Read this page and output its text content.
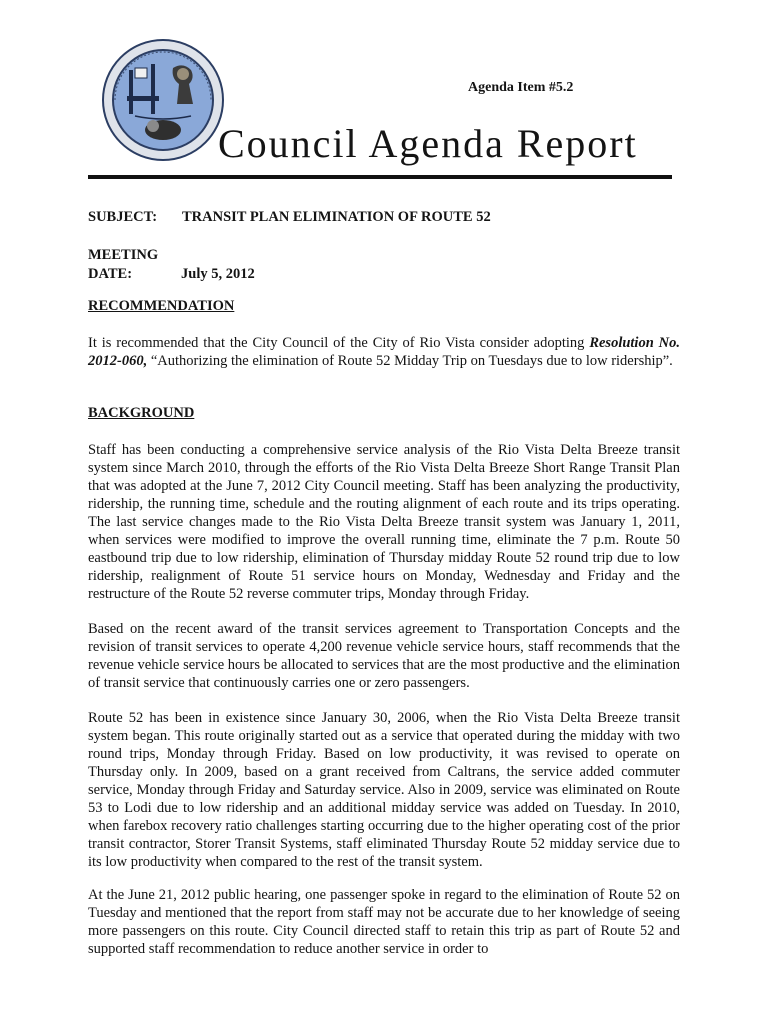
Agenda Item #5.2
Council Agenda Report
SUBJECT: TRANSIT PLAN ELIMINATION OF ROUTE 52
MEETING
DATE:	July 5, 2012
RECOMMENDATION

It is recommended that the City Council of the City of Rio Vista consider adopting Resolution No. 2012-060, “Authorizing the elimination of Route 52 Midday Trip on Tuesdays due to low ridership”.

BACKGROUND

Staff has been conducting a comprehensive service analysis of the Rio Vista Delta Breeze transit system since March 2010, through the efforts of the Rio Vista Delta Breeze Short Range Transit Plan that was adopted at the June 7, 2012 City Council meeting. Staff has been analyzing the productivity, ridership, the running time, schedule and the routing alignment of each route and its trips operating. The last service changes made to the Rio Vista Delta Breeze transit system was January 1, 2011, when services were modified to improve the overall running time, eliminate the 7 p.m. Route 50 eastbound trip due to low ridership, elimination of Thursday midday Route 52 round trip due to low ridership, realignment of Route 51 service hours on Monday, Wednesday and Friday and the restructure of the Route 52 reverse commuter trips, Monday through Friday.

Based on the recent award of the transit services agreement to Transportation Concepts and the revision of transit services to operate 4,200 revenue vehicle service hours, staff recommends that the revenue vehicle service hours be allocated to services that are the most productive and the elimination of transit service that continuously carries one or zero passengers.

Route 52 has been in existence since January 30, 2006, when the Rio Vista Delta Breeze transit system began. This route originally started out as a service that operated during the midday with two round trips, Monday through Friday. Based on low productivity, it was revised to operate on Thursday only. In 2009, based on a grant received from Caltrans, the service added commuter service, Monday through Friday and Saturday service. Also in 2009, service was eliminated on Route 53 to Lodi due to low ridership and an additional midday service was added on Tuesday. In 2010, when farebox recovery ratio challenges starting occurring due to the higher operating cost of the prior transit contractor, Storer Transit Systems, staff eliminated Thursday Route 52 midday service due to its low productivity when compared to the rest of the transit system.

At the June 21, 2012 public hearing, one passenger spoke in regard to the elimination of Route 52 on Tuesday and mentioned that the report from staff may not be accurate due to her knowledge of seeing more passengers on this route. City Council directed staff to retain this trip as part of Route 52 and supported staff recommendation to reduce another service in order to
